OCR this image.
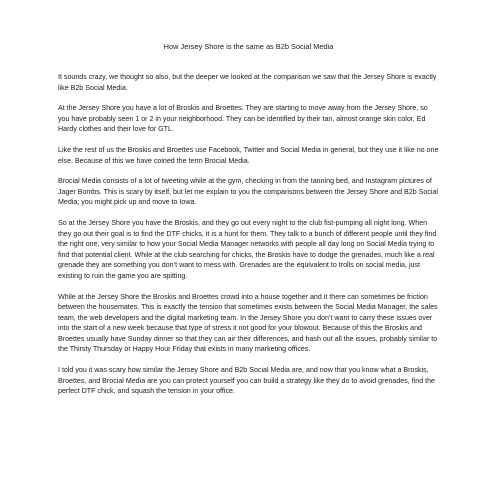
How Jersey Shore is the same as B2b Social Media

It sounds crazy, we thought so also, but the deeper we looked at the comparison we saw that the Jersey Shore is exactly like B2b Social Media.

At the Jersey Shore you have a lot of Broskis and Broettes. They are starting to move away from the Jersey Shore, so you have probably seen 1 or 2 in your neighborhood. They can be identified by their tan, almost orange skin color, Ed Hardy clothes and their love for GTL.

Like the rest of us the Broskis and Broettes use Facebook, Twitter and Social Media in general, but they use it like no one else. Because of this we have coined the term Brocial Media.

Brocial Media consists of a lot of tweeting while at the gym, checking in from the tanning bed, and Instagram pictures of Jager Bombs. This is scary by itself, but let me explain to you the comparisons between the Jersey Shore and B2b Social Media; you might pick up and move to Iowa.

So at the Jersey Shore you have the Broskis, and they go out every night to the club fist-pumping all night long. When they go out their goal is to find the DTF chicks, it is a hunt for them. They talk to a bunch of different people until they find the right one, very similar to how your Social Media Manager networks with people all day long on Social Media trying to find that potential client. While at the club searching for chicks, the Broskis have to dodge the grenades, much like a real grenade they are something you don’t want to mess with. Grenades are the equivalent to trolls on social media, just existing to ruin the game you are spitting.

While at the Jersey Shore the Broskis and Broettes crowd into a house together and it there can sometimes be friction between the housemates. This is exactly the tension that sometimes exists between the Social Media Manager, the sales team, the web developers and the digital marketing team. In the Jersey Shore you don’t want to carry these issues over into the start of a new week because that type of stress it not good for your blowout. Because of this the Broskis and Broettes usually have Sunday dinner so that they can air their differences, and hash out all the issues, probably similar to the Thirsty Thursday or Happy Hour Friday that exists in many marketing offices.

I told you it was scary how similar the Jersey Shore and B2b Social Media are, and now that you know what a Broskis, Broettes, and Brocial Media are you can protect yourself you can build a strategy like they do to avoid grenades, find the perfect DTF chick, and squash the tension in your office.
